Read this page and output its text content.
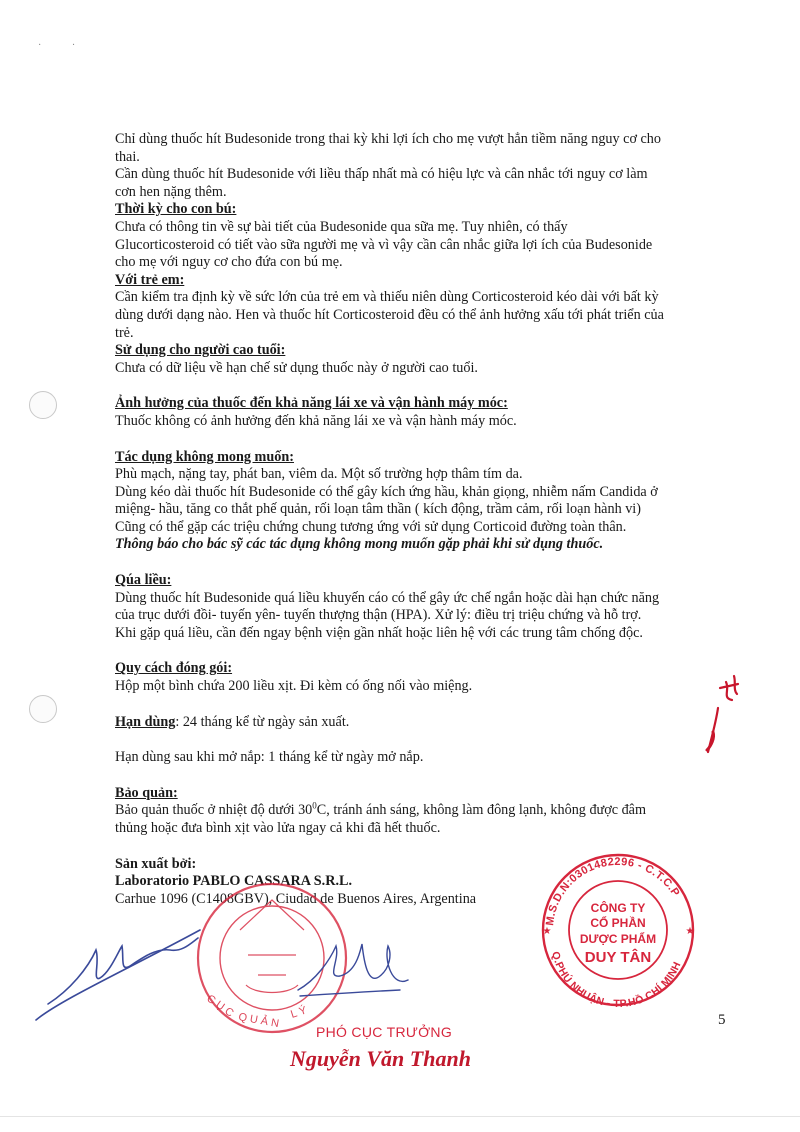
· ·

Chỉ dùng thuốc hít Budesonide trong thai kỳ khi lợi ích cho mẹ vượt hẳn tiềm năng nguy cơ cho

thai.

Cần dùng thuốc hít Budesonide với liều thấp nhất mà có hiệu lực và cân nhắc tới nguy cơ làm

cơn hen nặng thêm.

Thời kỳ cho con bú:

Chưa có thông tin về sự bài tiết của Budesonide qua sữa mẹ. Tuy nhiên, có thấy

Glucorticosteroid có tiết vào sữa người mẹ và vì vậy cần cân nhắc giữa lợi ích của Budesonide

cho mẹ với nguy cơ cho đứa con bú mẹ.

Với trẻ em:

Cần kiểm tra định kỳ về sức lớn của trẻ em và thiếu niên dùng Corticosteroid kéo dài với bất kỳ

dùng dưới dạng nào. Hen và thuốc hít Corticosteroid đều có thể ảnh hưởng xấu tới phát triển của

trẻ.

Sử dụng cho người cao tuổi:

Chưa có dữ liệu về hạn chế sử dụng thuốc này ở người cao tuổi.

Ảnh hưởng của thuốc đến khả năng lái xe và vận hành máy móc:

Thuốc không có ảnh hưởng đến khả năng lái xe và vận hành máy móc.

Tác dụng không mong muốn:

Phù mạch, nặng tay, phát ban, viêm da. Một số trường hợp thâm tím da.

Dùng kéo dài thuốc hít Budesonide có thể gây kích ứng hầu, khản giọng, nhiễm nấm Candida ở

miệng- hầu, tăng co thắt phế quản, rối loạn tâm thần ( kích động, trầm cảm, rối loạn hành vi)

Cũng có thể gặp các triệu chứng chung tương ứng với sử dụng Corticoid đường toàn thân.

Thông báo cho bác sỹ các tác dụng không mong muốn gặp phải khi sử dụng thuốc.

Qúa liều:

Dùng thuốc hít Budesonide quá liều khuyến cáo có thể gây ức chế ngắn hoặc dài hạn chức năng

của trục dưới đồi- tuyến yên- tuyến thượng thận (HPA). Xử lý: điều trị triệu chứng và hỗ trợ.

Khi gặp quá liều, cần đến ngay bệnh viện gần nhất hoặc liên hệ với các trung tâm chống độc.

Quy cách đóng gói:

Hộp một bình chứa 200 liều xịt. Đi kèm có ống nối vào miệng.

Hạn dùng: 24 tháng kể từ ngày sản xuất.

Hạn dùng sau khi mở nắp: 1 tháng kể từ ngày mở nắp.

Bảo quản:

Bảo quản thuốc ở nhiệt độ dưới $30^0C$, tránh ánh sáng, không làm đông lạnh, không được đâm

thủng hoặc đưa bình xịt vào lửa ngay cả khi đã hết thuốc.

Sản xuất bởi:

Laboratorio PABLO CASSARA S.R.L.

Carhue 1096 (C1408GBV), Ciudad de Buenos Aires, Argentina

5
C Ụ C
Q U Ả N L Ý
M.S.D.N:0301482296 - C.T.C.P
Q.PHÚ NHUẬN - TP.HỒ CHÍ MINH
CÔNG TY
CỔ PHẦN
DƯỢC PHẨM
DUY TÂN
★	★
PHÓ CỤC TRƯỞNG
Nguyễn Văn Thanh
